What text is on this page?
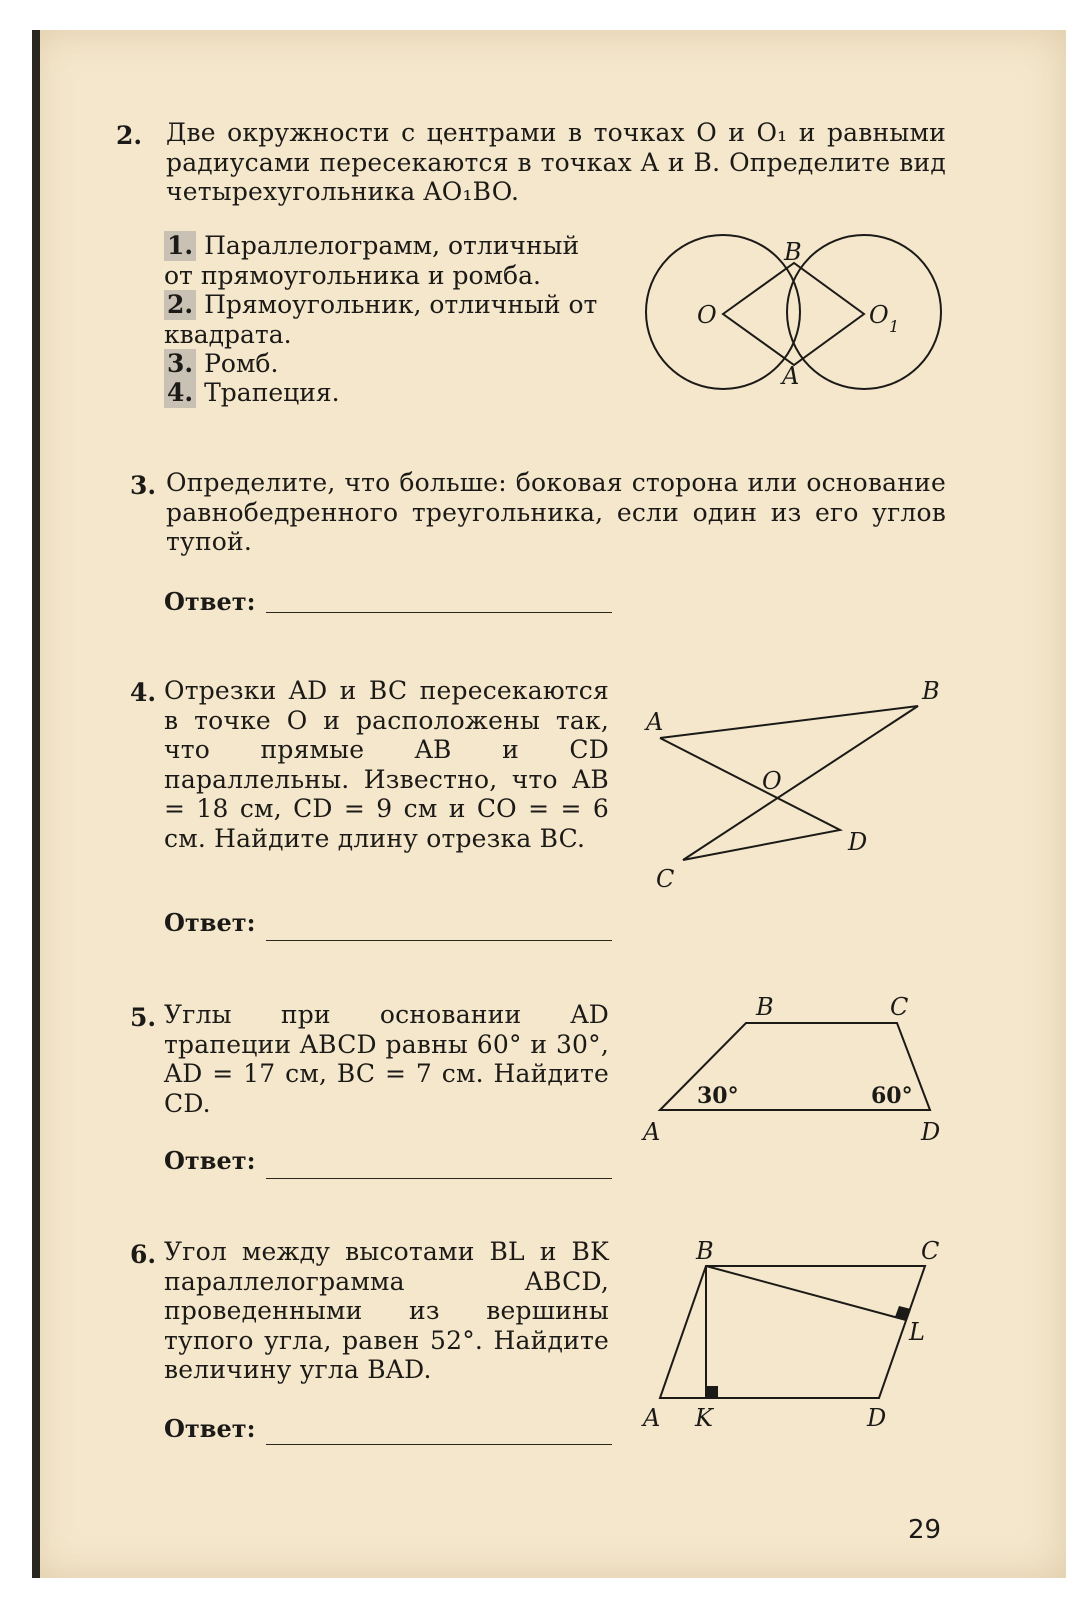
2. Две окружности с центрами в точках O и O₁ и равными радиусами пересекаются в точках A и B. Определите вид четырехугольника AO₁BO.
1. Параллелограмм, отличный от прямоугольника и ромба.
2. Прямоугольник, отличный от квадрата.
3. Ромб.
4. Трапеция.
B
A
O	O 1
3. Определите, что больше: боковая сторона или основание равнобедренного треугольника, если один из его углов тупой.
Ответ:
4. Отрезки AD и BC пересекаются в точке O и расположены так, что прямые AB и CD параллельны. Известно, что AB = 18 см, CD = 9 см и CO = = 6 см. Найдите длину отрезка BC.
Ответ:
A
B
O
D
C
5. Углы при основании AD трапеции ABCD равны 60° и 30°, AD = 17 см, BC = 7 см. Найдите CD.
Ответ:
B	C
A	D
30°	60°
6. Угол между высотами BL и BK параллелограмма ABCD, проведенными из вершины тупого угла, равен 52°. Найдите величину угла BAD.
Ответ:
B	C
L
A K	D
29
